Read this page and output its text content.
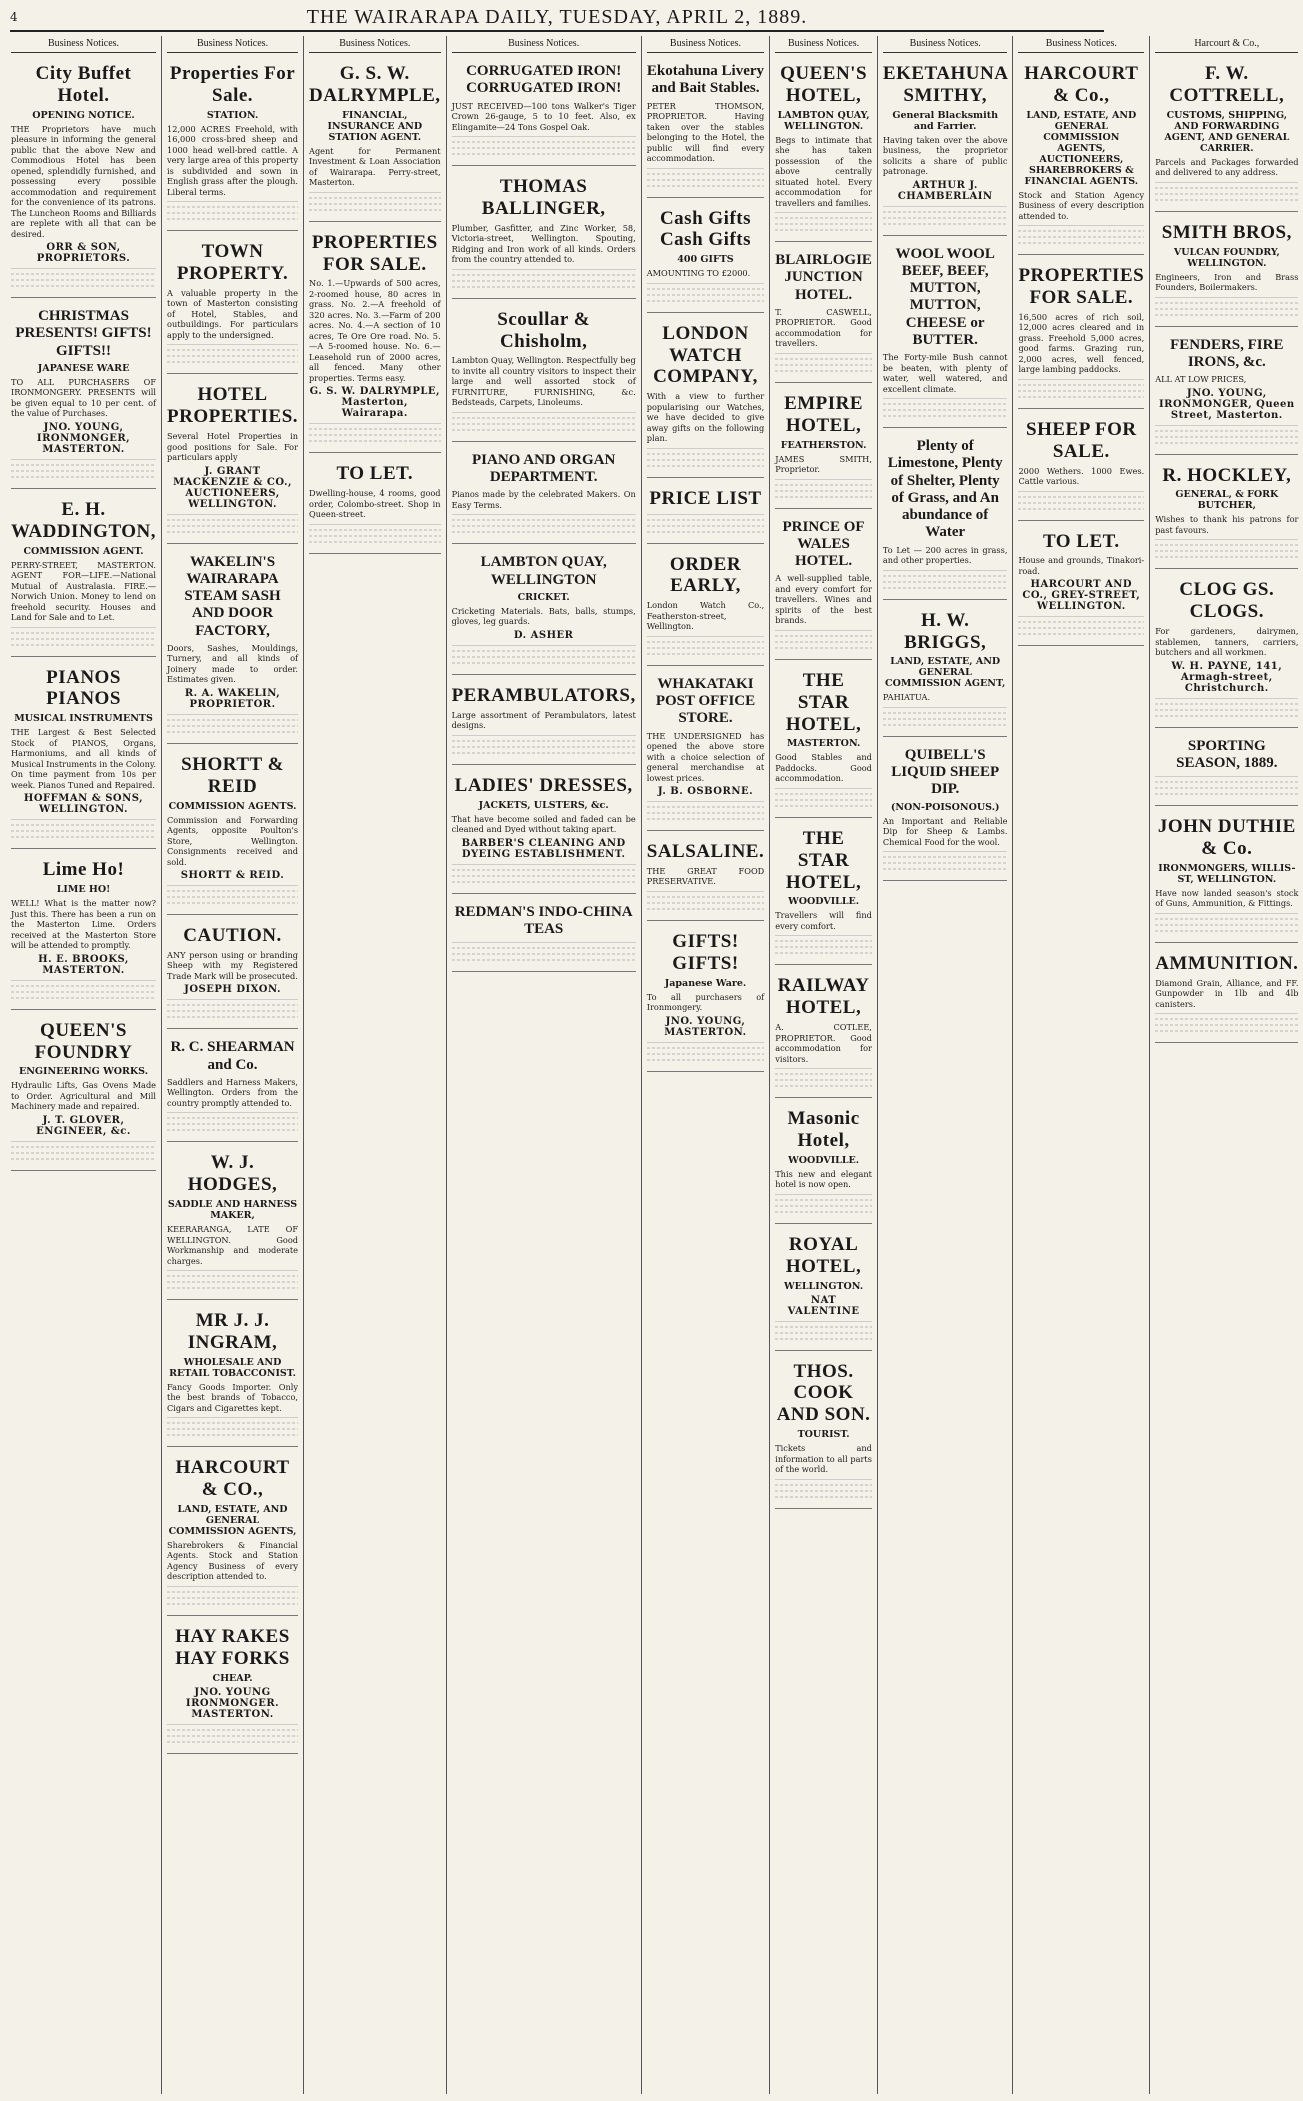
4	THE WAIRARAPA DAILY, TUESDAY, APRIL 2, 1889.
Business Notices.
City Buffet Hotel.
OPENING NOTICE.
THE Proprietors have much pleasure in informing the general public that the above New and Commodious Hotel has been opened, splendidly furnished, and possessing every possible accommodation and requirement for the convenience of its patrons. The Luncheon Rooms and Billiards are replete with all that can be desired.
ORR & SON, PROPRIETORS.
CHRISTMAS PRESENTS! GIFTS! GIFTS!!
JAPANESE WARE
TO ALL PURCHASERS OF IRONMONGERY. PRESENTS will be given equal to 10 per cent. of the value of Purchases.
JNO. YOUNG, IRONMONGER, MASTERTON.
E. H. WADDINGTON,
COMMISSION AGENT.
PERRY-STREET, MASTERTON. AGENT FOR—LIFE.—National Mutual of Australasia. FIRE.—Norwich Union. Money to lend on freehold security. Houses and Land for Sale and to Let.
PIANOS PIANOS
MUSICAL INSTRUMENTS
THE Largest & Best Selected Stock of PIANOS, Organs, Harmoniums, and all kinds of Musical Instruments in the Colony. On time payment from 10s per week. Pianos Tuned and Repaired.
HOFFMAN & SONS, WELLINGTON.
Lime Ho!
LIME HO!
WELL! What is the matter now? Just this. There has been a run on the Masterton Lime. Orders received at the Masterton Store will be attended to promptly.
H. E. BROOKS, MASTERTON.
QUEEN'S FOUNDRY
ENGINEERING WORKS.
Hydraulic Lifts, Gas Ovens Made to Order. Agricultural and Mill Machinery made and repaired.
J. T. GLOVER, ENGINEER, &c.
Business Notices.
Properties For Sale.
STATION.
12,000 ACRES Freehold, with 16,000 cross-bred sheep and 1000 head well-bred cattle. A very large area of this property is subdivided and sown in English grass after the plough. Liberal terms.
TOWN PROPERTY.
A valuable property in the town of Masterton consisting of Hotel, Stables, and outbuildings. For particulars apply to the undersigned.
HOTEL PROPERTIES.
Several Hotel Properties in good positions for Sale. For particulars apply
J. GRANT MACKENZIE & CO., AUCTIONEERS, WELLINGTON.
WAKELIN'S WAIRARAPA STEAM SASH AND DOOR FACTORY,
Doors, Sashes, Mouldings, Turnery, and all kinds of Joinery made to order. Estimates given.
R. A. WAKELIN, PROPRIETOR.
SHORTT & REID
COMMISSION AGENTS.
Commission and Forwarding Agents, opposite Poulton's Store, Wellington. Consignments received and sold.
SHORTT & REID.
CAUTION.
ANY person using or branding Sheep with my Registered Trade Mark will be prosecuted.
JOSEPH DIXON.
R. C. SHEARMAN and Co.
Saddlers and Harness Makers, Wellington. Orders from the country promptly attended to.
W. J. HODGES,
SADDLE AND HARNESS MAKER,
KEERARANGA, LATE OF WELLINGTON. Good Workmanship and moderate charges.
MR J. J. INGRAM,
WHOLESALE AND RETAIL TOBACCONIST.
Fancy Goods Importer. Only the best brands of Tobacco, Cigars and Cigarettes kept.
HARCOURT & CO.,
LAND, ESTATE, AND GENERAL COMMISSION AGENTS,
Sharebrokers & Financial Agents. Stock and Station Agency Business of every description attended to.
HAY RAKES HAY FORKS
CHEAP.
JNO. YOUNG IRONMONGER. MASTERTON.
Business Notices.
G. S. W. DALRYMPLE,
FINANCIAL, INSURANCE AND STATION AGENT.
Agent for Permanent Investment & Loan Association of Wairarapa. Perry-street, Masterton.
PROPERTIES FOR SALE.
No. 1.—Upwards of 500 acres, 2-roomed house, 80 acres in grass. No. 2.—A freehold of 320 acres. No. 3.—Farm of 200 acres. No. 4.—A section of 10 acres, Te Ore Ore road. No. 5.—A 5-roomed house. No. 6.—Leasehold run of 2000 acres, all fenced. Many other properties. Terms easy.
G. S. W. DALRYMPLE, Masterton, Wairarapa.
TO LET.
Dwelling-house, 4 rooms, good order, Colombo-street. Shop in Queen-street.
Business Notices.
CORRUGATED IRON! CORRUGATED IRON!
JUST RECEIVED—100 tons Walker's Tiger Crown 26-gauge, 5 to 10 feet. Also, ex Elingamite—24 Tons Gospel Oak.
THOMAS BALLINGER,
Plumber, Gasfitter, and Zinc Worker, 58, Victoria-street, Wellington. Spouting, Ridging and Iron work of all kinds. Orders from the country attended to.
Scoullar & Chisholm,
Lambton Quay, Wellington. Respectfully beg to invite all country visitors to inspect their large and well assorted stock of FURNITURE, FURNISHING, &c. Bedsteads, Carpets, Linoleums.
PIANO AND ORGAN DEPARTMENT.
Pianos made by the celebrated Makers. On Easy Terms.
LAMBTON QUAY, WELLINGTON
CRICKET.
Cricketing Materials. Bats, balls, stumps, gloves, leg guards.
D. ASHER
PERAMBULATORS,
Large assortment of Perambulators, latest designs.
LADIES' DRESSES,
JACKETS, ULSTERS, &c.
That have become soiled and faded can be cleaned and Dyed without taking apart.
BARBER'S CLEANING AND DYEING ESTABLISHMENT.
REDMAN'S INDO-CHINA TEAS
Business Notices.
Ekotahuna Livery and Bait Stables.
PETER THOMSON, PROPRIETOR. Having taken over the stables belonging to the Hotel, the public will find every accommodation.
Cash Gifts Cash Gifts
400 GIFTS
AMOUNTING TO £2000.
LONDON WATCH COMPANY,
With a view to further popularising our Watches, we have decided to give away gifts on the following plan.
PRICE LIST
ORDER EARLY,
London Watch Co., Featherston-street, Wellington.
WHAKATAKI POST OFFICE STORE.
THE UNDERSIGNED has opened the above store with a choice selection of general merchandise at lowest prices.
J. B. OSBORNE.
SALSALINE.
THE GREAT FOOD PRESERVATIVE.
GIFTS! GIFTS!
Japanese Ware.
To all purchasers of Ironmongery.
JNO. YOUNG, MASTERTON.
Business Notices.
QUEEN'S HOTEL,
LAMBTON QUAY, WELLINGTON.
Begs to intimate that she has taken possession of the above centrally situated hotel. Every accommodation for travellers and families.
BLAIRLOGIE JUNCTION HOTEL.
T. CASWELL, PROPRIETOR. Good accommodation for travellers.
EMPIRE HOTEL,
FEATHERSTON.
JAMES SMITH, Proprietor.
PRINCE OF WALES HOTEL.
A well-supplied table, and every comfort for travellers. Wines and spirits of the best brands.
THE STAR HOTEL,
MASTERTON.
Good Stables and Paddocks. Good accommodation.
THE STAR HOTEL,
WOODVILLE.
Travellers will find every comfort.
RAILWAY HOTEL,
A. COTLEE, PROPRIETOR. Good accommodation for visitors.
Masonic Hotel,
WOODVILLE.
This new and elegant hotel is now open.
ROYAL HOTEL,
WELLINGTON.
NAT VALENTINE
THOS. COOK AND SON.
TOURIST.
Tickets and information to all parts of the world.
Business Notices.
EKETAHUNA SMITHY,
General Blacksmith and Farrier.
Having taken over the above business, the proprietor solicits a share of public patronage.
ARTHUR J. CHAMBERLAIN
WOOL WOOL BEEF, BEEF, MUTTON, MUTTON, CHEESE or BUTTER.
The Forty-mile Bush cannot be beaten, with plenty of water, well watered, and excellent climate.
Plenty of Limestone, Plenty of Shelter, Plenty of Grass, and An abundance of Water
To Let — 200 acres in grass, and other properties.
H. W. BRIGGS,
LAND, ESTATE, AND GENERAL COMMISSION AGENT,
PAHIATUA.
QUIBELL'S LIQUID SHEEP DIP.
(NON-POISONOUS.)
An Important and Reliable Dip for Sheep & Lambs. Chemical Food for the wool.
Business Notices.
HARCOURT & Co.,
LAND, ESTATE, AND GENERAL COMMISSION AGENTS, AUCTIONEERS, SHAREBROKERS & FINANCIAL AGENTS.
Stock and Station Agency Business of every description attended to.
PROPERTIES FOR SALE.
16,500 acres of rich soil, 12,000 acres cleared and in grass. Freehold 5,000 acres, good farms. Grazing run, 2,000 acres, well fenced, large lambing paddocks.
SHEEP FOR SALE.
2000 Wethers. 1000 Ewes. Cattle various.
TO LET.
House and grounds, Tinakori-road.
HARCOURT AND CO., GREY-STREET, WELLINGTON.
Harcourt & Co.,
F. W. COTTRELL,
CUSTOMS, SHIPPING, AND FORWARDING AGENT, AND GENERAL CARRIER.
Parcels and Packages forwarded and delivered to any address.
SMITH BROS,
VULCAN FOUNDRY, WELLINGTON.
Engineers, Iron and Brass Founders, Boilermakers.
FENDERS, FIRE IRONS, &c.
ALL AT LOW PRICES,
JNO. YOUNG, IRONMONGER, Queen Street, Masterton.
R. HOCKLEY,
GENERAL, & FORK BUTCHER,
Wishes to thank his patrons for past favours.
CLOG GS. CLOGS.
For gardeners, dairymen, stablemen, tanners, carriers, butchers and all workmen.
W. H. PAYNE, 141, Armagh-street, Christchurch.
SPORTING SEASON, 1889.
JOHN DUTHIE & Co.
IRONMONGERS, WILLIS-ST, WELLINGTON.
Have now landed season's stock of Guns, Ammunition, & Fittings.
AMMUNITION.
Diamond Grain, Alliance, and FF. Gunpowder in 1lb and 4lb canisters.
